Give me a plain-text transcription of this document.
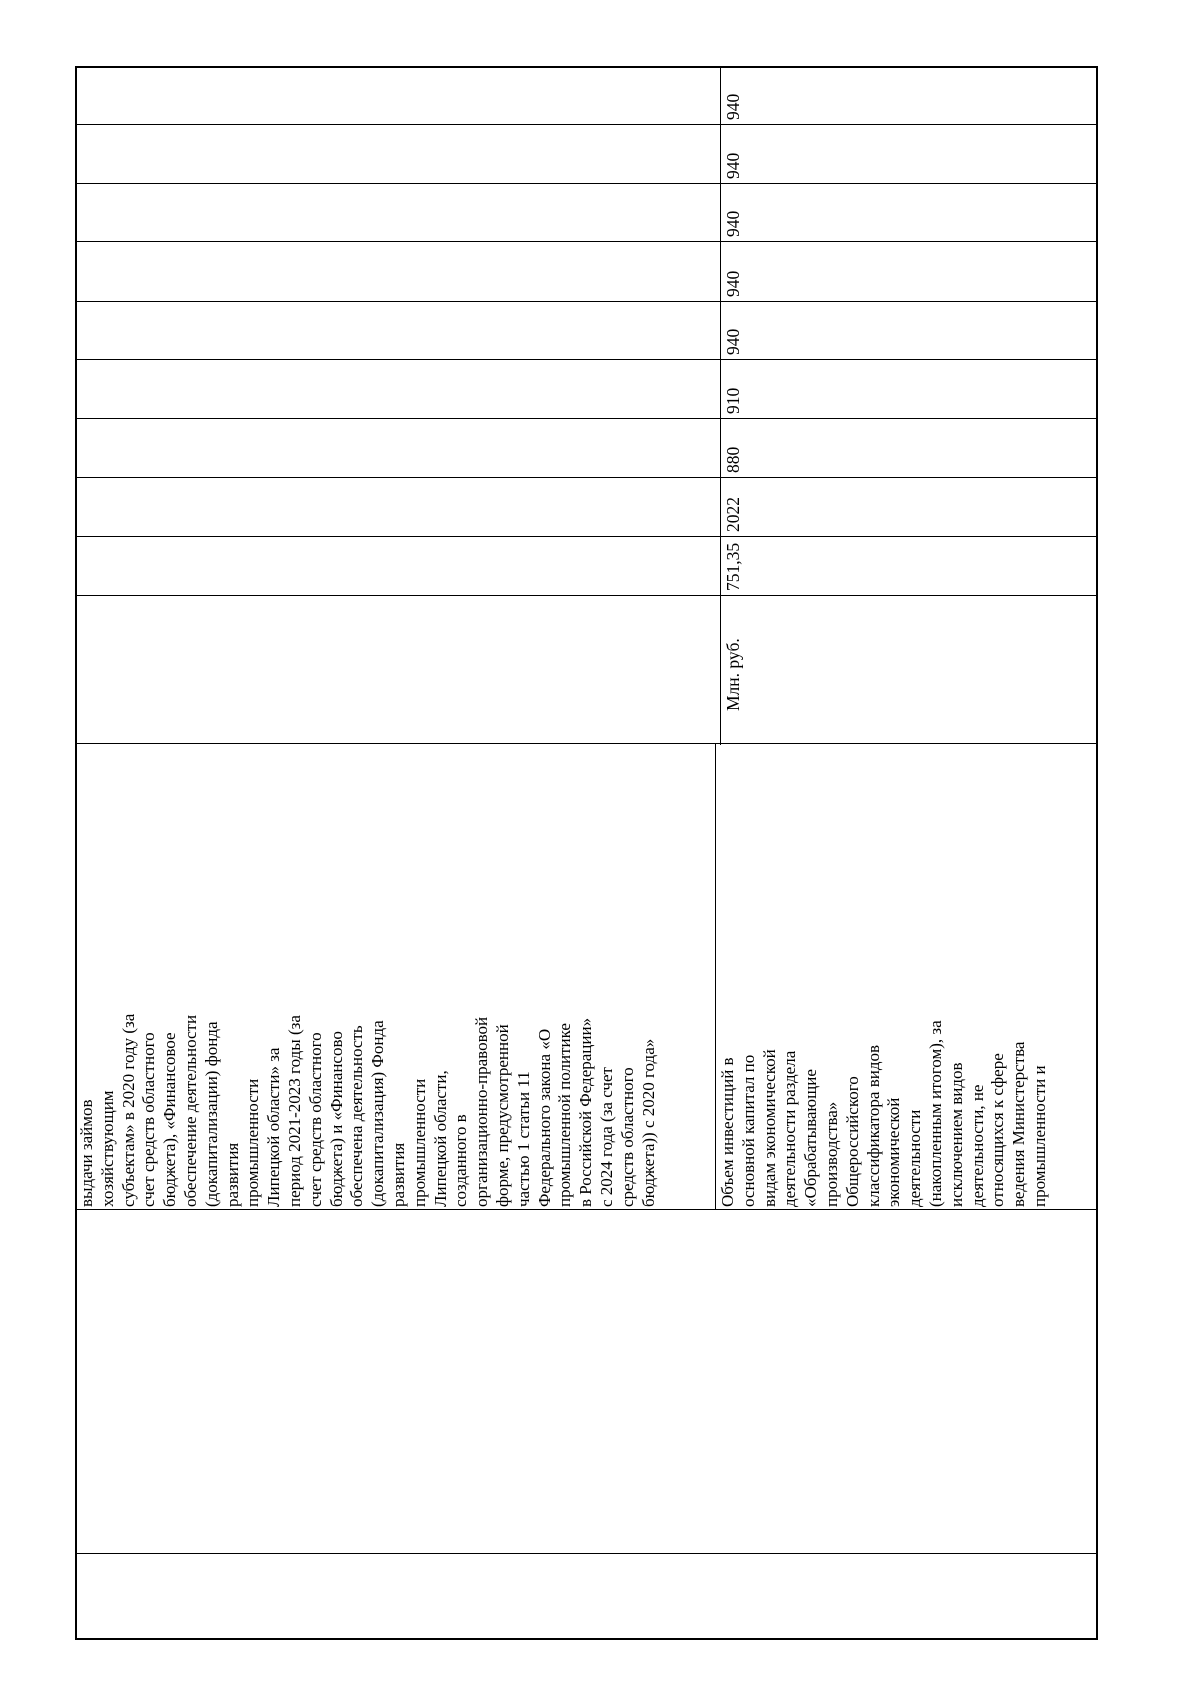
940
940
940
940
940
910
880
2022
751,35
Млн. руб.
выдачи займов хозяйствующим субъектам» в 2020 году (за счет средств областного бюджета), «Финансовое обеспечение деятельности (докапитализации) фонда развития промышленности Липецкой области» за период 2021-2023 годы (за счет средств областного бюджета) и «Финансово обеспечена деятельность (докапитализация) Фонда развития промышленности Липецкой области, созданного в организационно-правовой форме, предусмотренной частью 1 статьи 11 Федерального закона «О промышленной политике в Российской Федерации» с 2024 года (за счет средств областного бюджета)) с 2020 года»	Объем инвестиций в основной капитал по видам экономической деятельности раздела «Обрабатывающие производства» Общероссийского классификатора видов экономической деятельности (накопленным итогом), за исключением видов деятельности, не относящихся к сфере ведения Министерства промышленности и
